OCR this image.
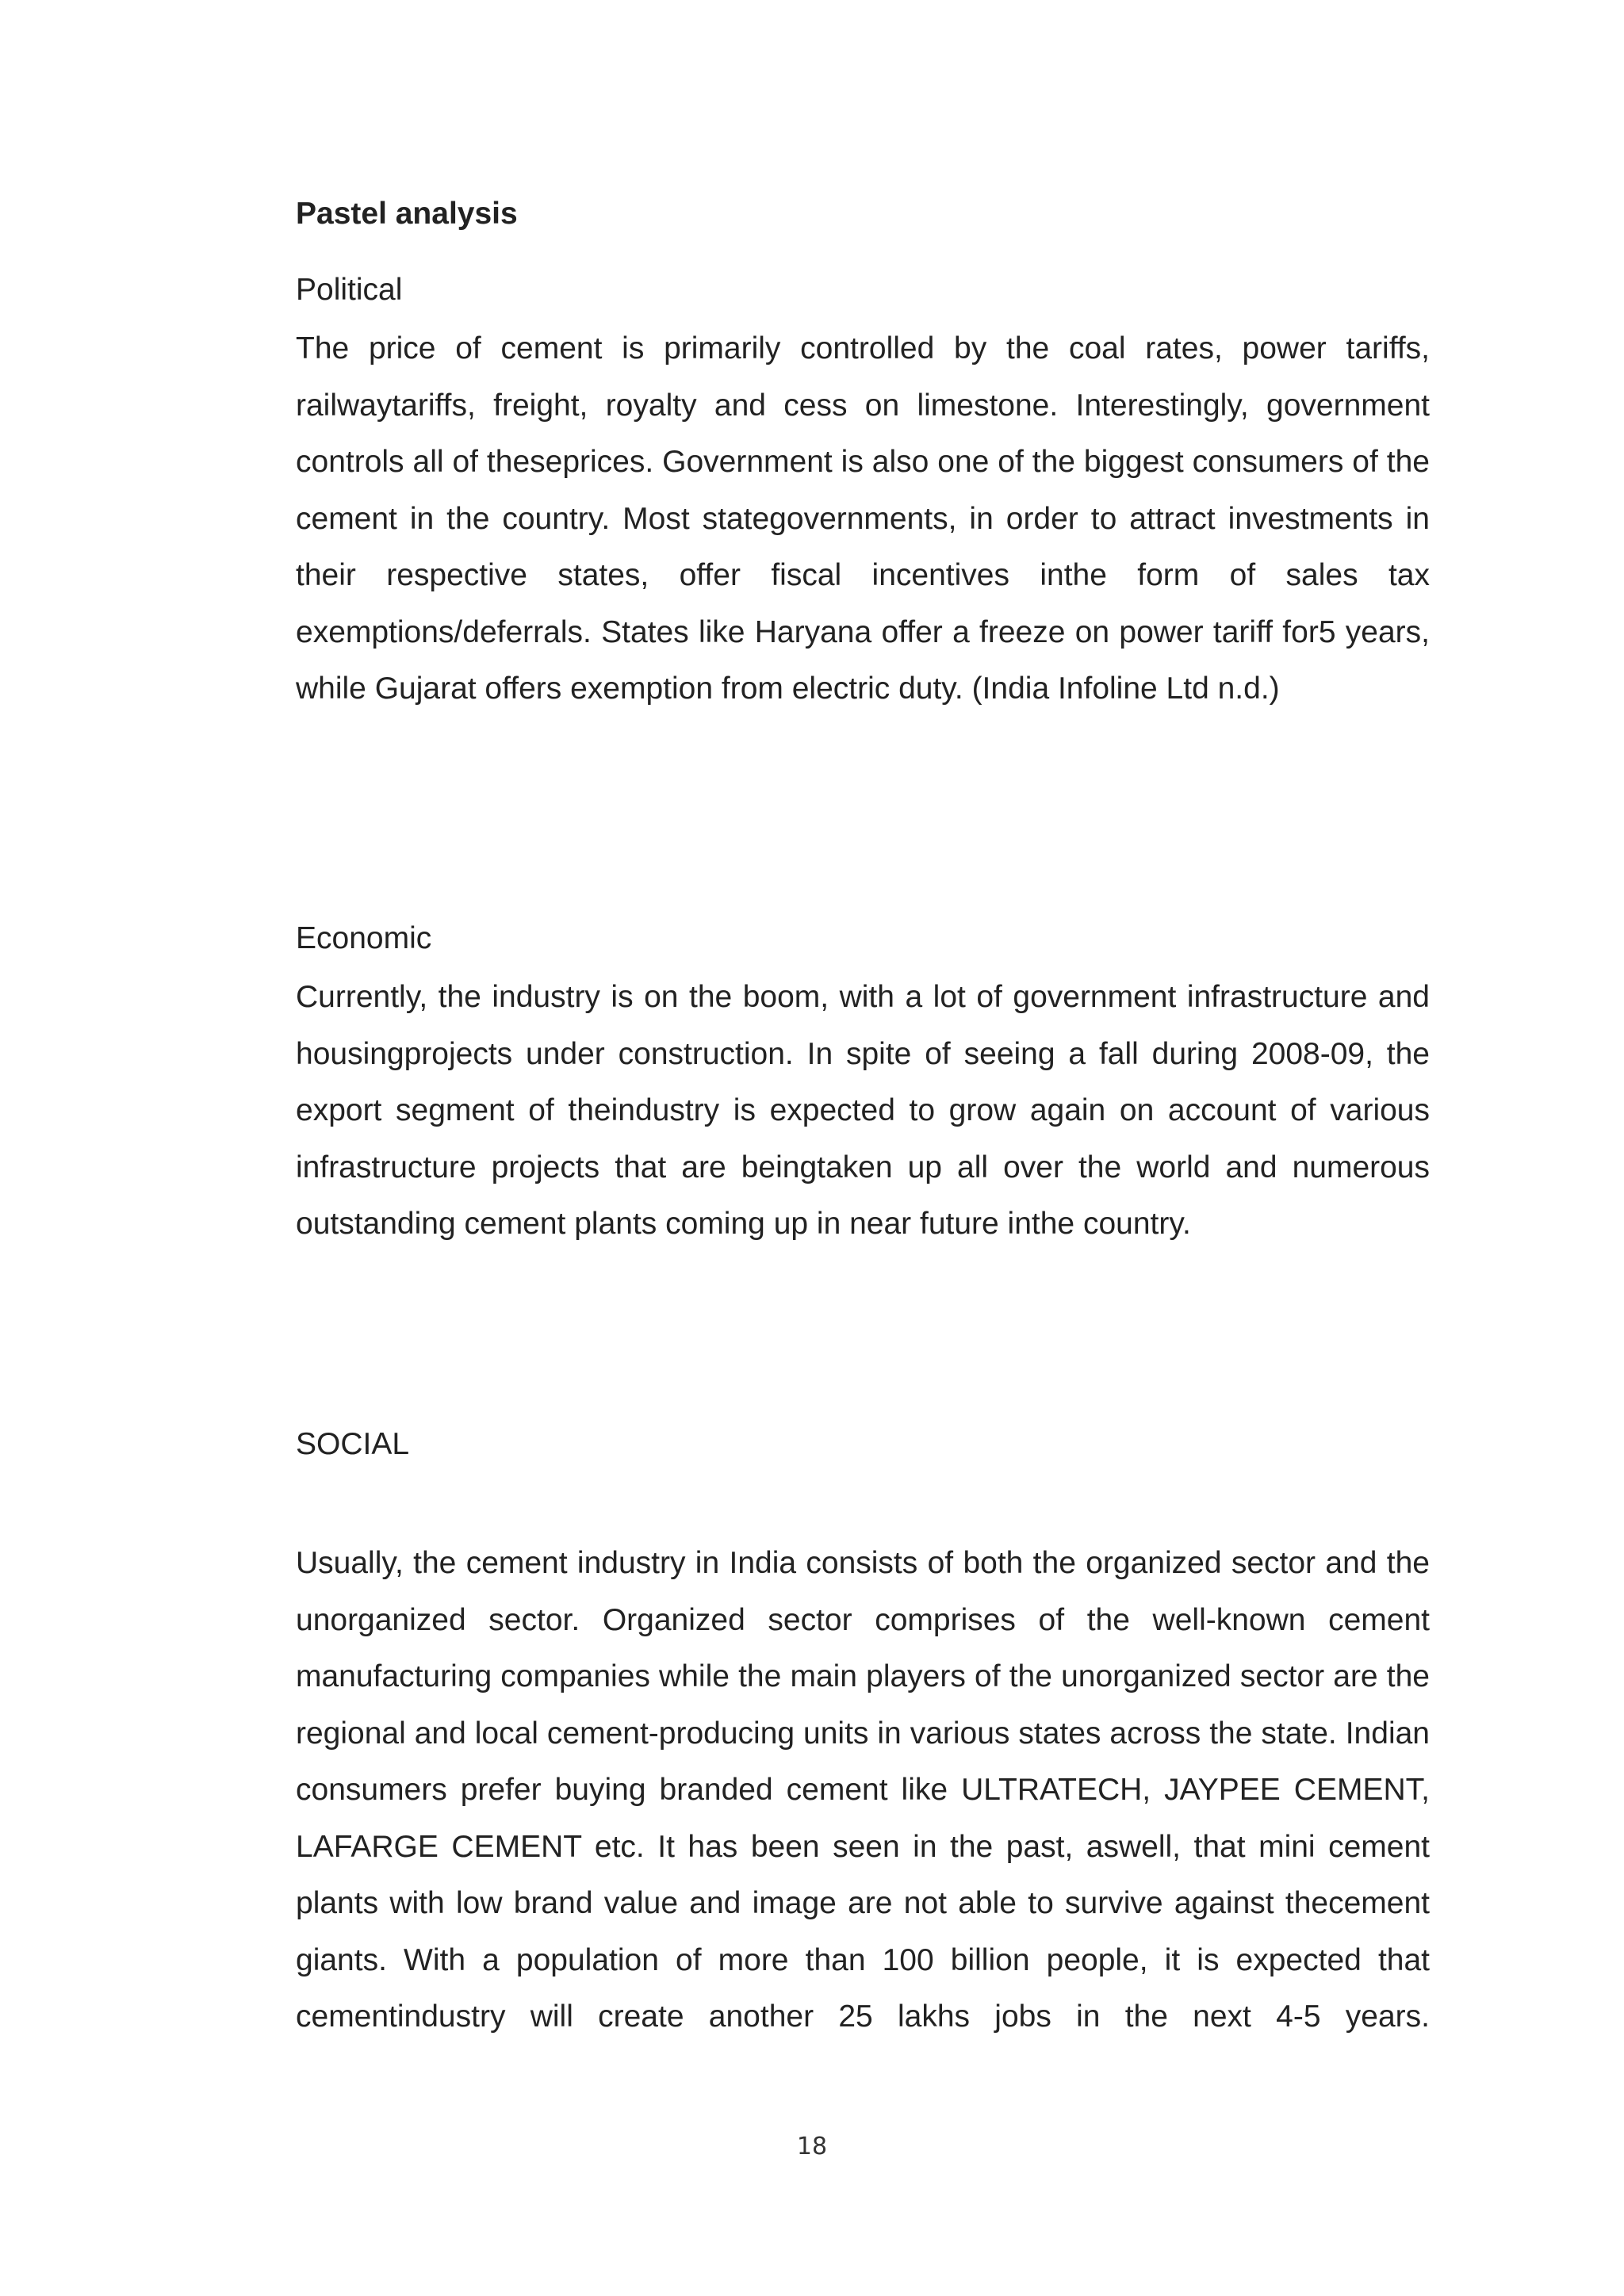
Pastel analysis

Political

The price of cement is primarily controlled by the coal rates, power tariffs, railwaytariffs, freight, royalty and cess on limestone. Interestingly, government controls all of theseprices. Government is also one of the biggest consumers of the cement in the country. Most stategovernments, in order to attract investments in their respective states, offer fiscal incentives inthe form of sales tax exemptions/deferrals. States like Haryana offer a freeze on power tariff for5 years, while Gujarat offers exemption from electric duty. (India Infoline Ltd n.d.)

Economic

Currently, the industry is on the boom, with a lot of government infrastructure and housingprojects under construction. In spite of seeing a fall during 2008-09, the export segment of theindustry is expected to grow again on account of various infrastructure projects that are beingtaken up all over the world and numerous outstanding cement plants coming up in near future inthe country.

SOCIAL

Usually, the cement industry in India consists of both the organized sector and the unorganized sector. Organized sector comprises of the well-known cement manufacturing companies while the main players of the unorganized sector are the regional and local cement-producing units in various states across the state. Indian consumers prefer buying branded cement like ULTRATECH, JAYPEE CEMENT, LAFARGE CEMENT etc. It has been seen in the past, aswell, that mini cement plants with low brand value and image are not able to survive against thecement giants. With a population of more than 100 billion people, it is expected that cementindustry will create another 25 lakhs jobs in the next 4-5 years.

18
